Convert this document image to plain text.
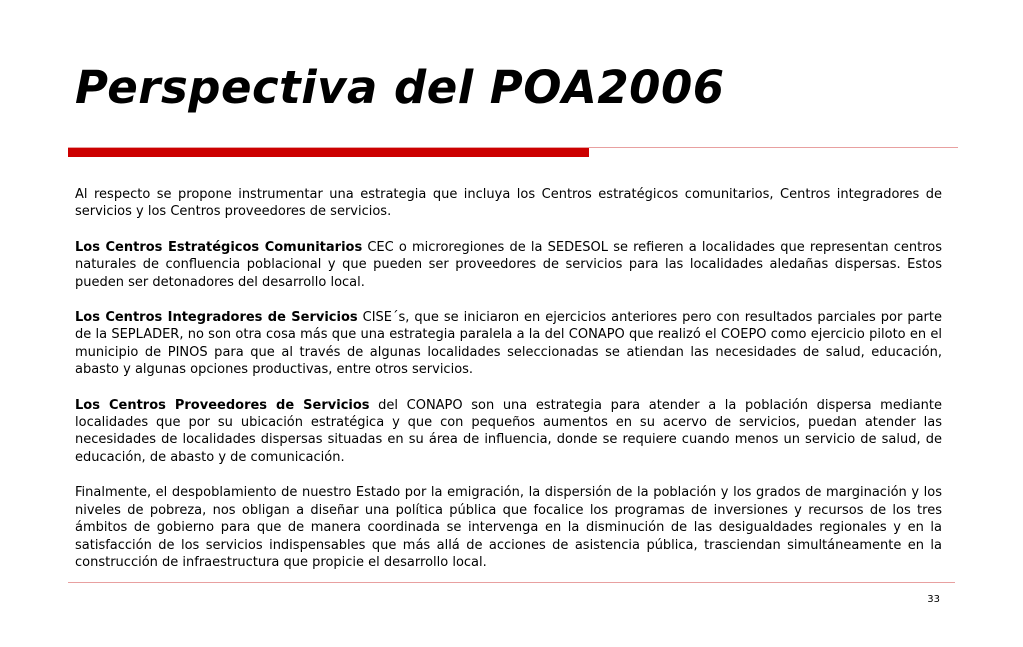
Perspectiva del POA2006

Al respecto se propone instrumentar una estrategia que incluya los Centros estratégicos comunitarios, Centros integradores de servicios y los Centros proveedores de servicios.

Los Centros Estratégicos Comunitarios CEC o microregiones de la SEDESOL se refieren a localidades que representan centros naturales de confluencia poblacional y que pueden ser proveedores de servicios para las localidades aledañas dispersas. Estos pueden ser detonadores del desarrollo local.

Los Centros Integradores de Servicios CISE´s, que se iniciaron en ejercicios anteriores pero con resultados parciales por parte de la SEPLADER, no son otra cosa más que una estrategia paralela a la del CONAPO que realizó el COEPO como ejercicio piloto en el municipio de PINOS para que al través de algunas localidades seleccionadas se atiendan las necesidades de salud, educación, abasto y algunas opciones productivas, entre otros servicios.

Los Centros Proveedores de Servicios del CONAPO son una estrategia para atender a la población dispersa mediante localidades que por su ubicación estratégica y que con pequeños aumentos en su acervo de servicios, puedan atender las necesidades de localidades dispersas situadas en su área de influencia, donde se requiere cuando menos un servicio de salud, de educación, de abasto y de comunicación.

Finalmente, el despoblamiento de nuestro Estado por la emigración, la dispersión de la población y los grados de marginación y los niveles de pobreza, nos obligan a diseñar una política pública que focalice los programas de inversiones y recursos de los tres ámbitos de gobierno para que de manera coordinada se intervenga en la disminución de las desigualdades regionales y en la satisfacción de los servicios indispensables que más allá de acciones de asistencia pública, trasciendan simultáneamente en la construcción de infraestructura que propicie el desarrollo local.

33
